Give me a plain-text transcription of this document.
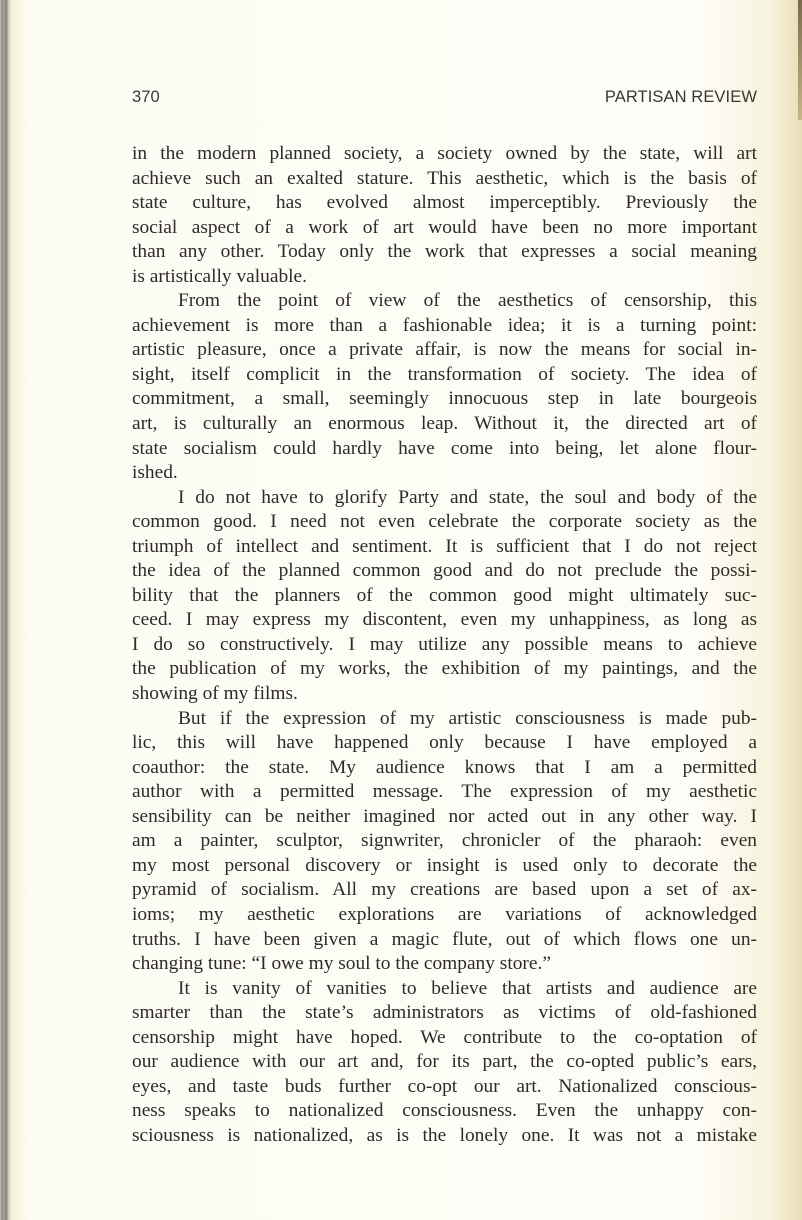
370	PARTISAN REVIEW
in the modern planned society, a society owned by the state, will art
achieve such an exalted stature. This aesthetic, which is the basis of
state culture, has evolved almost imperceptibly. Previously the
social aspect of a work of art would have been no more important
than any other. Today only the work that expresses a social meaning
is artistically valuable.
From the point of view of the aesthetics of censorship, this
achievement is more than a fashionable idea; it is a turning point:
artistic pleasure, once a private affair, is now the means for social in-
sight, itself complicit in the transformation of society. The idea of
commitment, a small, seemingly innocuous step in late bourgeois
art, is culturally an enormous leap. Without it, the directed art of
state socialism could hardly have come into being, let alone flour-
ished.
I do not have to glorify Party and state, the soul and body of the
common good. I need not even celebrate the corporate society as the
triumph of intellect and sentiment. It is sufficient that I do not reject
the idea of the planned common good and do not preclude the possi-
bility that the planners of the common good might ultimately suc-
ceed. I may express my discontent, even my unhappiness, as long as
I do so constructively. I may utilize any possible means to achieve
the publication of my works, the exhibition of my paintings, and the
showing of my films.
But if the expression of my artistic consciousness is made pub-
lic, this will have happened only because I have employed a
coauthor: the state. My audience knows that I am a permitted
author with a permitted message. The expression of my aesthetic
sensibility can be neither imagined nor acted out in any other way. I
am a painter, sculptor, signwriter, chronicler of the pharaoh: even
my most personal discovery or insight is used only to decorate the
pyramid of socialism. All my creations are based upon a set of ax-
ioms; my aesthetic explorations are variations of acknowledged
truths. I have been given a magic flute, out of which flows one un-
changing tune: “I owe my soul to the company store.”
It is vanity of vanities to believe that artists and audience are
smarter than the state’s administrators as victims of old-fashioned
censorship might have hoped. We contribute to the co-optation of
our audience with our art and, for its part, the co-opted public’s ears,
eyes, and taste buds further co-opt our art. Nationalized conscious-
ness speaks to nationalized consciousness. Even the unhappy con-
sciousness is nationalized, as is the lonely one. It was not a mistake
